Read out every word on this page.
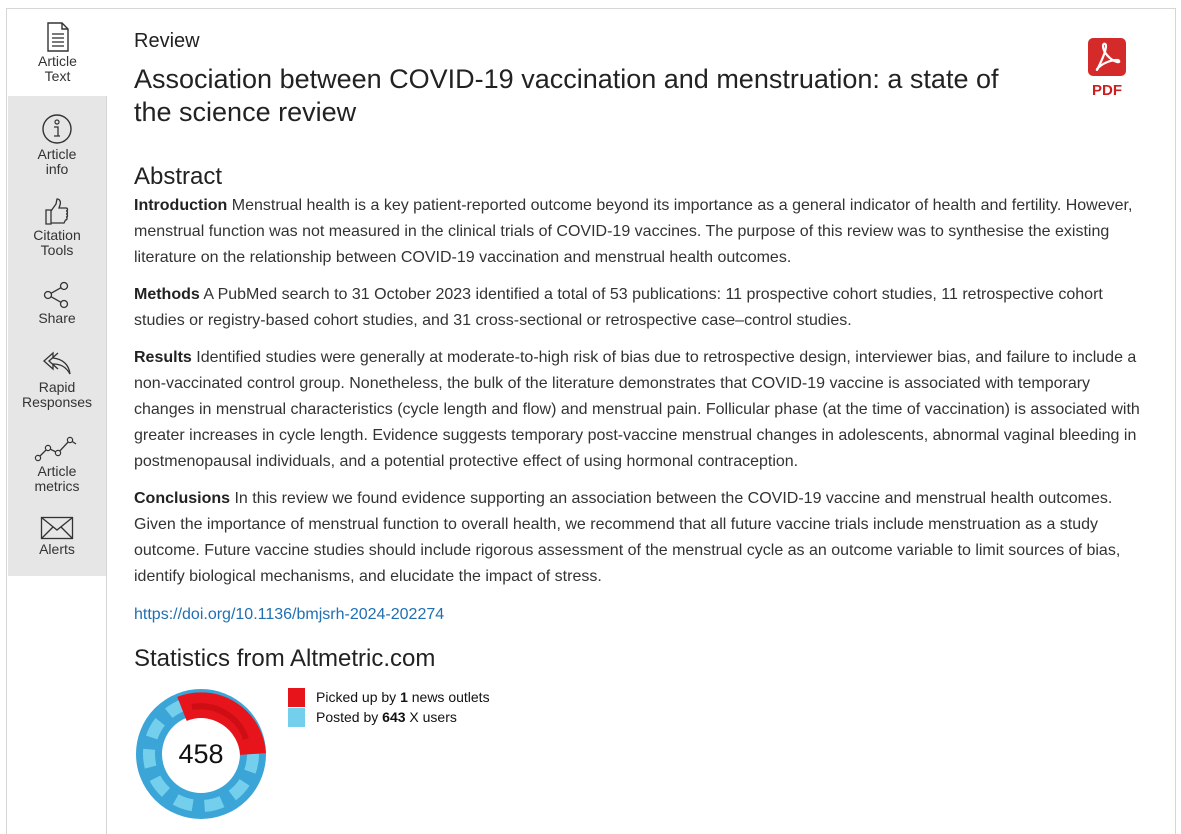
Article
Text
Article
info
Citation
Tools
Share
Rapid
Responses
Article
metrics
Alerts
PDF
Review
Association between COVID-19 vaccination and menstruation: a state of the science review
Abstract

Introduction Menstrual health is a key patient-reported outcome beyond its importance as a general indicator of health and fertility. However, menstrual function was not measured in the clinical trials of COVID-19 vaccines. The purpose of this review was to synthesise the existing literature on the relationship between COVID-19 vaccination and menstrual health outcomes.

Methods A PubMed search to 31 October 2023 identified a total of 53 publications: 11 prospective cohort studies, 11 retrospective cohort studies or registry-based cohort studies, and 31 cross-sectional or retrospective case–control studies.

Results Identified studies were generally at moderate-to-high risk of bias due to retrospective design, interviewer bias, and failure to include a non-vaccinated control group. Nonetheless, the bulk of the literature demonstrates that COVID-19 vaccine is associated with temporary changes in menstrual characteristics (cycle length and flow) and menstrual pain. Follicular phase (at the time of vaccination) is associated with greater increases in cycle length. Evidence suggests temporary post-vaccine menstrual changes in adolescents, abnormal vaginal bleeding in postmenopausal individuals, and a potential protective effect of using hormonal contraception.

Conclusions In this review we found evidence supporting an association between the COVID-19 vaccine and menstrual health outcomes. Given the importance of menstrual function to overall health, we recommend that all future vaccine trials include menstruation as a study outcome. Future vaccine studies should include rigorous assessment of the menstrual cycle as an outcome variable to limit sources of bias, identify biological mechanisms, and elucidate the impact of stress.

https://doi.org/10.1136/bmjsrh-2024-202274
Statistics from Altmetric.com
458
Picked up by 1 news outlets
Posted by 643 X users
